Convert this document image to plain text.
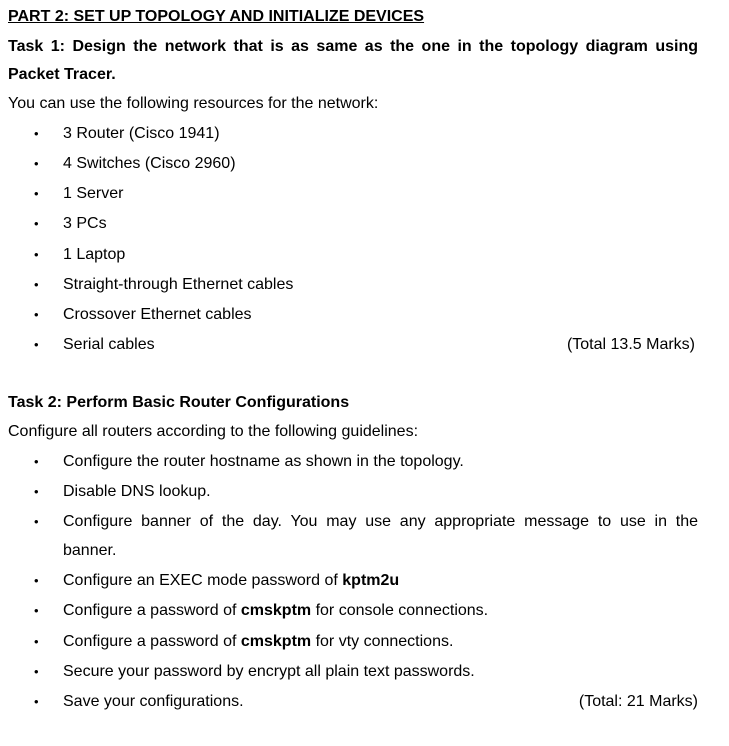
PART 2: SET UP TOPOLOGY AND INITIALIZE DEVICES
Task 1: Design the network that is as same as the one in the topology diagram using
Packet Tracer.
You can use the following resources for the network:
• 3 Router (Cisco 1941)
• 4 Switches (Cisco 2960)
• 1 Server
• 3 PCs
• 1 Laptop
• Straight-through Ethernet cables
• Crossover Ethernet cables
• Serial cables	(Total 13.5 Marks)
Task 2: Perform Basic Router Configurations
Configure all routers according to the following guidelines:
• Configure the router hostname as shown in the topology.
• Disable DNS lookup.
• Configure banner of the day. You may use any appropriate message to use in the
banner.
• Configure an EXEC mode password of kptm2u
• Configure a password of cmskptm for console connections.
• Configure a password of cmskptm for vty connections.
• Secure your password by encrypt all plain text passwords.
• Save your configurations.	(Total: 21 Marks)
